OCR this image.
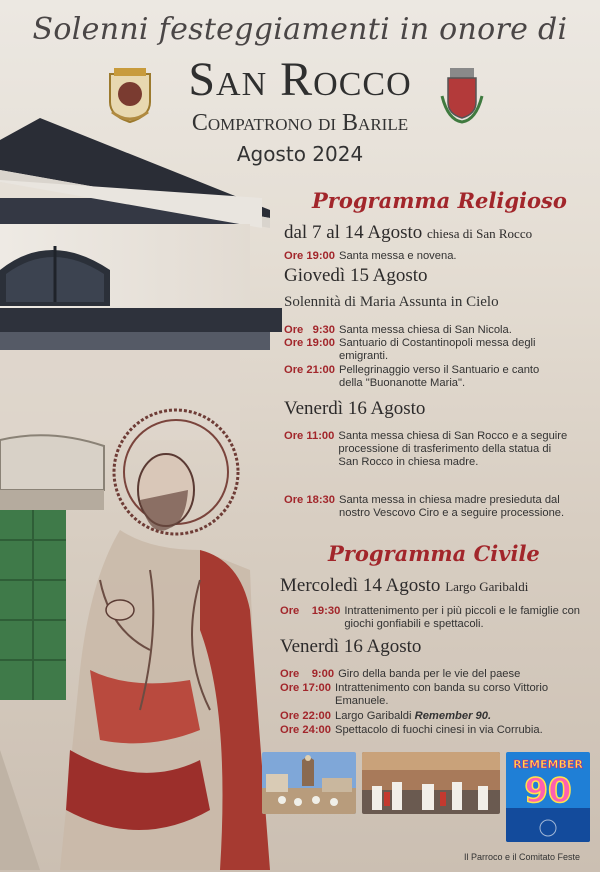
Solenni festeggiamenti in onore di
San Rocco
Compatrono di Barile
Agosto 2024
Programma Religioso
dal 7 al 14 Agosto chiesa di San Rocco
Ore 19:00 Santa messa e novena.
Giovedì 15 Agosto
Solennità di Maria Assunta in Cielo
Ore   9:30 Santa messa chiesa di San Nicola.
Ore 19:00 Santuario di Costantinopoli messa degli emigranti.
Ore 21:00 Pellegrinaggio verso il Santuario e canto della "Buonanotte Maria".
Venerdì 16 Agosto
Ore 11:00 Santa messa chiesa di San Rocco e a seguire processione di trasferimento della statua di San Rocco in chiesa madre.
Ore 18:30 Santa messa in chiesa madre presieduta dal nostro Vescovo Ciro e a seguire processione.
Programma Civile
Mercoledì 14 Agosto Largo Garibaldi
Ore    19:30 Intrattenimento per i più piccoli e le famiglie con giochi gonfiabili e spettacoli.
Venerdì 16 Agosto
Ore    9:00 Giro della banda per le vie del paese
Ore 17:00 Intrattenimento con banda su corso Vittorio Emanuele.
Ore 22:00 Largo Garibaldi Remember 90.
Ore 24:00 Spettacolo di fuochi cinesi in via Corrubia.
REMEMBER
90
Il Parroco e il Comitato Feste
